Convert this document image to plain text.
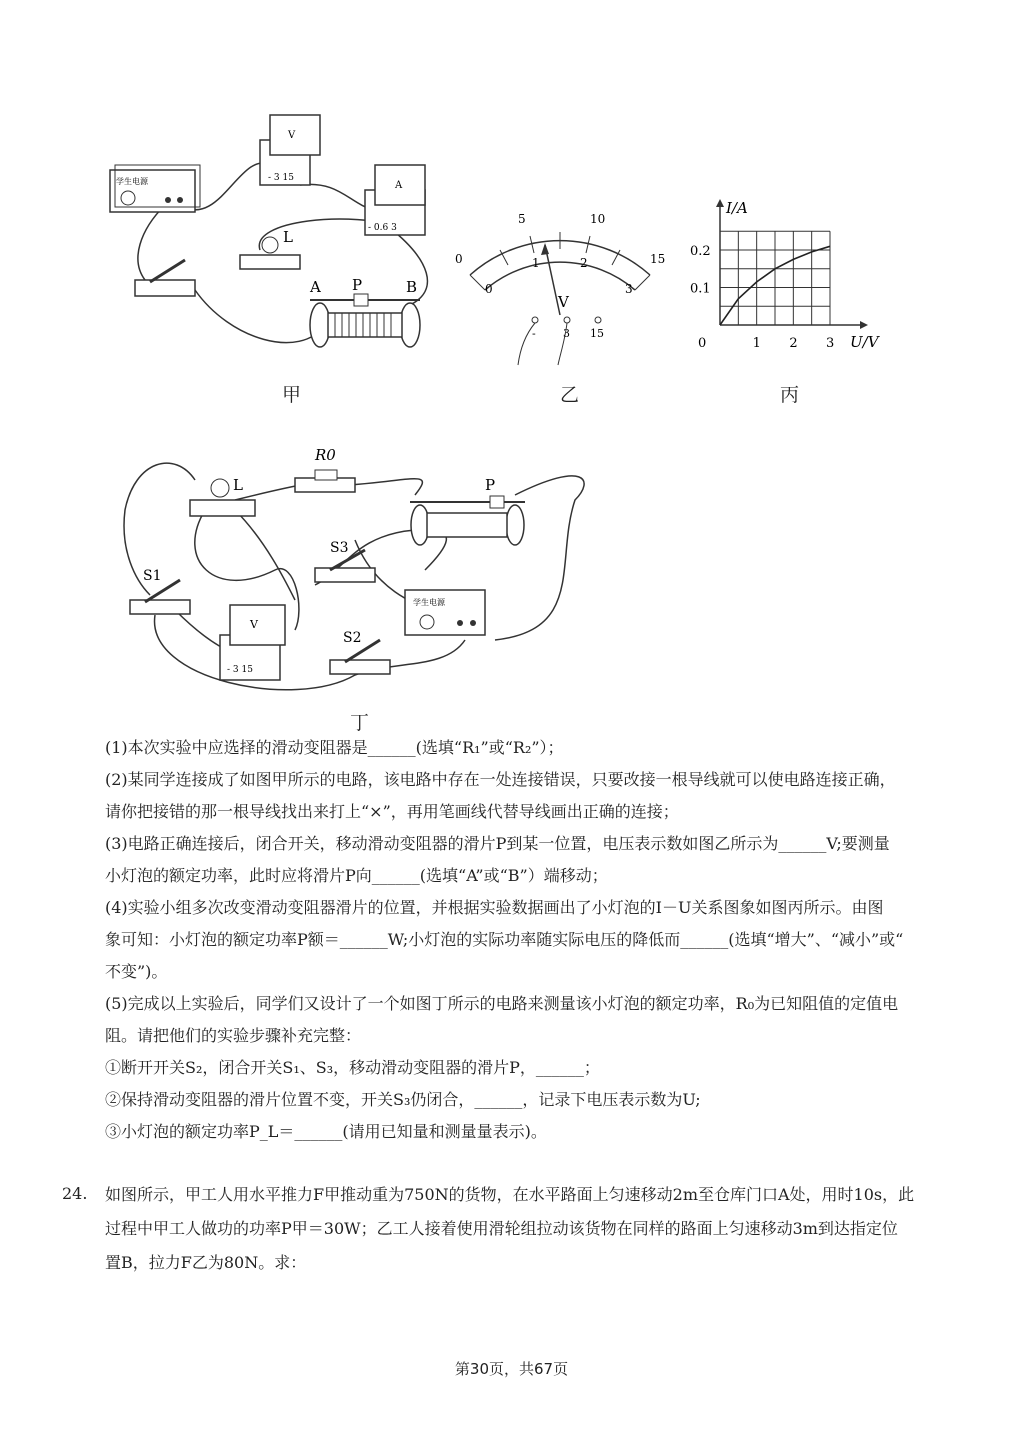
学生电源
V
- 3 15
A
- 0.6 3
L
A P	B
甲
0
5	10
15
0
1	2
3
V
- 3 15
乙
I/A
U/V
0	1 2 3
0.1
0.2
丙
L
R0
P
S3
S1
学生电源
V
- 3 15
S2
丁
(1)本次实验中应选择的滑动变阻器是______(选填“R₁”或“R₂”）；
(2)某同学连接成了如图甲所示的电路，该电路中存在一处连接错误，只要改接一根导线就可以使电路连接正确，
请你把接错的那一根导线找出来打上“×”，再用笔画线代替导线画出正确的连接；
(3)电路正确连接后，闭合开关，移动滑动变阻器的滑片P到某一位置，电压表示数如图乙所示为______V;要测量
小灯泡的额定功率，此时应将滑片P向______(选填“A”或“B”）端移动；
(4)实验小组多次改变滑动变阻器滑片的位置，并根据实验数据画出了小灯泡的I－U关系图象如图丙所示。由图
象可知：小灯泡的额定功率P额＝______W;小灯泡的实际功率随实际电压的降低而______(选填“增大”、“减小”或“
不变”)。
(5)完成以上实验后，同学们又设计了一个如图丁所示的电路来测量该小灯泡的额定功率，R₀为已知阻值的定值电
阻。请把他们的实验步骤补充完整：
①断开开关S₂，闭合开关S₁、S₃，移动滑动变阻器的滑片P，______；
②保持滑动变阻器的滑片位置不变，开关S₃仍闭合，______，记录下电压表示数为U;
③小灯泡的额定功率P_L＝______(请用已知量和测量量表示)。
24. 如图所示，甲工人用水平推力F甲推动重为750N的货物，在水平路面上匀速移动2m至仓库门口A处，用时10s，此
过程中甲工人做功的功率P甲＝30W；乙工人接着使用滑轮组拉动该货物在同样的路面上匀速移动3m到达指定位
置B，拉力F乙为80N。求：
第30页，共67页
